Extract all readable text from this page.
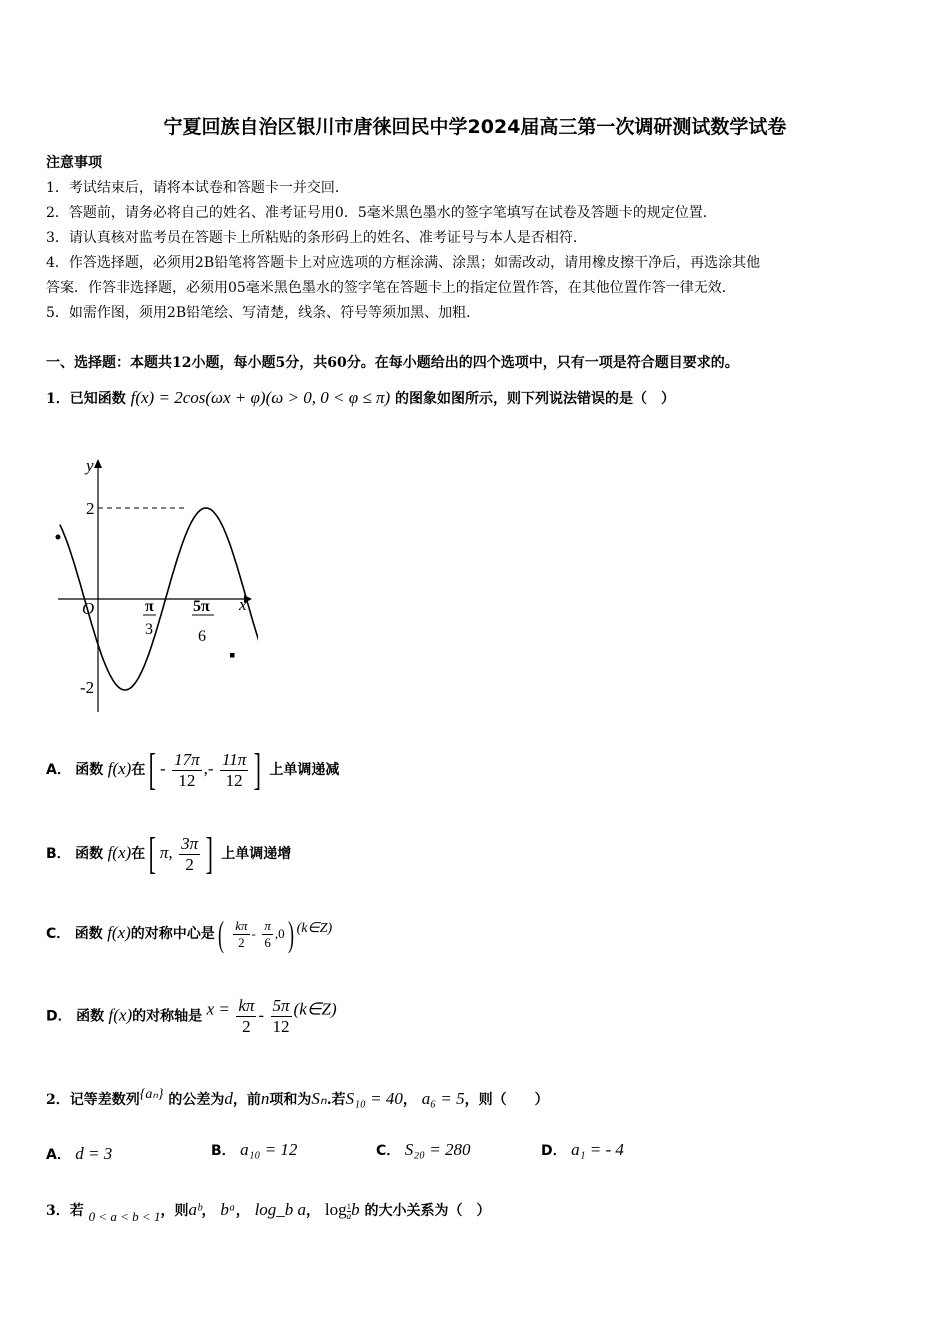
宁夏回族自治区银川市唐徕回民中学2024届高三第一次调研测试数学试卷
注意事项
1．考试结束后，请将本试卷和答题卡一并交回．
2．答题前，请务必将自己的姓名、准考证号用0．5毫米黑色墨水的签字笔填写在试卷及答题卡的规定位置．
3．请认真核对监考员在答题卡上所粘贴的条形码上的姓名、准考证号与本人是否相符．
4．作答选择题，必须用2B铅笔将答题卡上对应选项的方框涂满、涂黑；如需改动，请用橡皮擦干净后，再选涂其他
答案．作答非选择题，必须用05毫米黑色墨水的签字笔在答题卡上的指定位置作答，在其他位置作答一律无效．
5．如需作图，须用2B铅笔绘、写清楚，线条、符号等须加黑、加粗．
一、选择题：本题共12小题，每小题5分，共60分。在每小题给出的四个选项中，只有一项是符合题目要求的。
1．已知函数 f(x) = 2cos(ωx + φ)(ω > 0, 0 < φ ≤ π) 的图象如图所示，则下列说法错误的是（　）
y
x
O
2
-2
π
3
5π
6
A． 函数 f(x)在[ - $\frac{17\pi}{12}$ ,- $\frac{11\pi}{12}$ ] 上单调递减
B． 函数 f(x)在[ π, $\frac{3\pi}{2}$ ] 上单调递增
C． 函数 f(x)的对称中心是( $\frac{k\pi}{2} - \frac{\pi}{6} ,0$) (k∈Z)
D． 函数 f(x)的对称轴是 $x = \frac{k\pi}{2} - \frac{5\pi}{12}$ (k∈Z)
2．记等差数列{aₙ} 的公差为d，前n项和为Sₙ.若S₁₀ = 40， a₆ = 5，则（　　）
A． d = 3	B． a₁₀ = 12	C． S₂₀ = 280	D． a₁ = - 4
3．若 0 < a < b < 1，则aᵇ， bᵃ， log_b a， log $_{\frac{1}{a}}$ b 的大小关系为（　）
